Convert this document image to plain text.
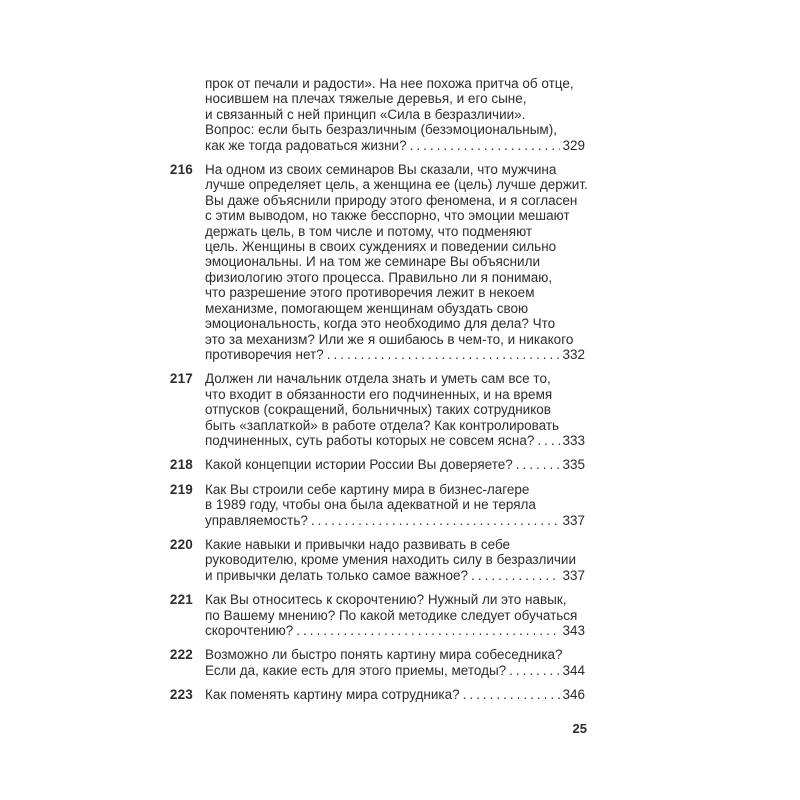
прок от печали и радости». На нее похожа притча об отце,
носившем на плечах тяжелые деревья, и его сыне,
и связанный с ней принцип «Сила в безразличии».
Вопрос: если быть безразличным (безэмоциональным),
как же тогда радоваться жизни? .....	329
216 На одном из своих семинаров Вы сказали, что мужчина
лучше определяет цель, а женщина ее (цель) лучше держит.
Вы даже объяснили природу этого феномена, и я согласен
с этим выводом, но также бесспорно, что эмоции мешают
держать цель, в том числе и потому, что подменяют
цель. Женщины в своих суждениях и поведении сильно
эмоциональны. И на том же семинаре Вы объяснили
физиологию этого процесса. Правильно ли я понимаю,
что разрешение этого противоречия лежит в некоем
механизме, помогающем женщинам обуздать свою
эмоциональность, когда это необходимо для дела? Что
это за механизм? Или же я ошибаюсь в чем-то, и никакого
противоречия нет? .....	332
217 Должен ли начальник отдела знать и уметь сам все то,
что входит в обязанности его подчиненных, и на время
отпусков (сокращений, больничных) таких сотрудников
быть «заплаткой» в работе отдела? Как контролировать
подчиненных, суть работы которых не совсем ясна? ..... 333
218 Какой концепции истории России Вы доверяете? .....	335
219 Как Вы строили себе картину мира в бизнес-лагере
в 1989 году, чтобы она была адекватной и не теряла
управляемость? .....	337
220 Какие навыки и привычки надо развивать в себе
руководителю, кроме умения находить силу в безразличии
и привычки делать только самое важное? .....	337
221 Как Вы относитесь к скорочтению? Нужный ли это навык,
по Вашему мнению? По какой методике следует обучаться
скорочтению? .....	343
222 Возможно ли быстро понять картину мира собеседника?
Если да, какие есть для этого приемы, методы? .....	344
223 Как поменять картину мира сотрудника? .....	346
25
